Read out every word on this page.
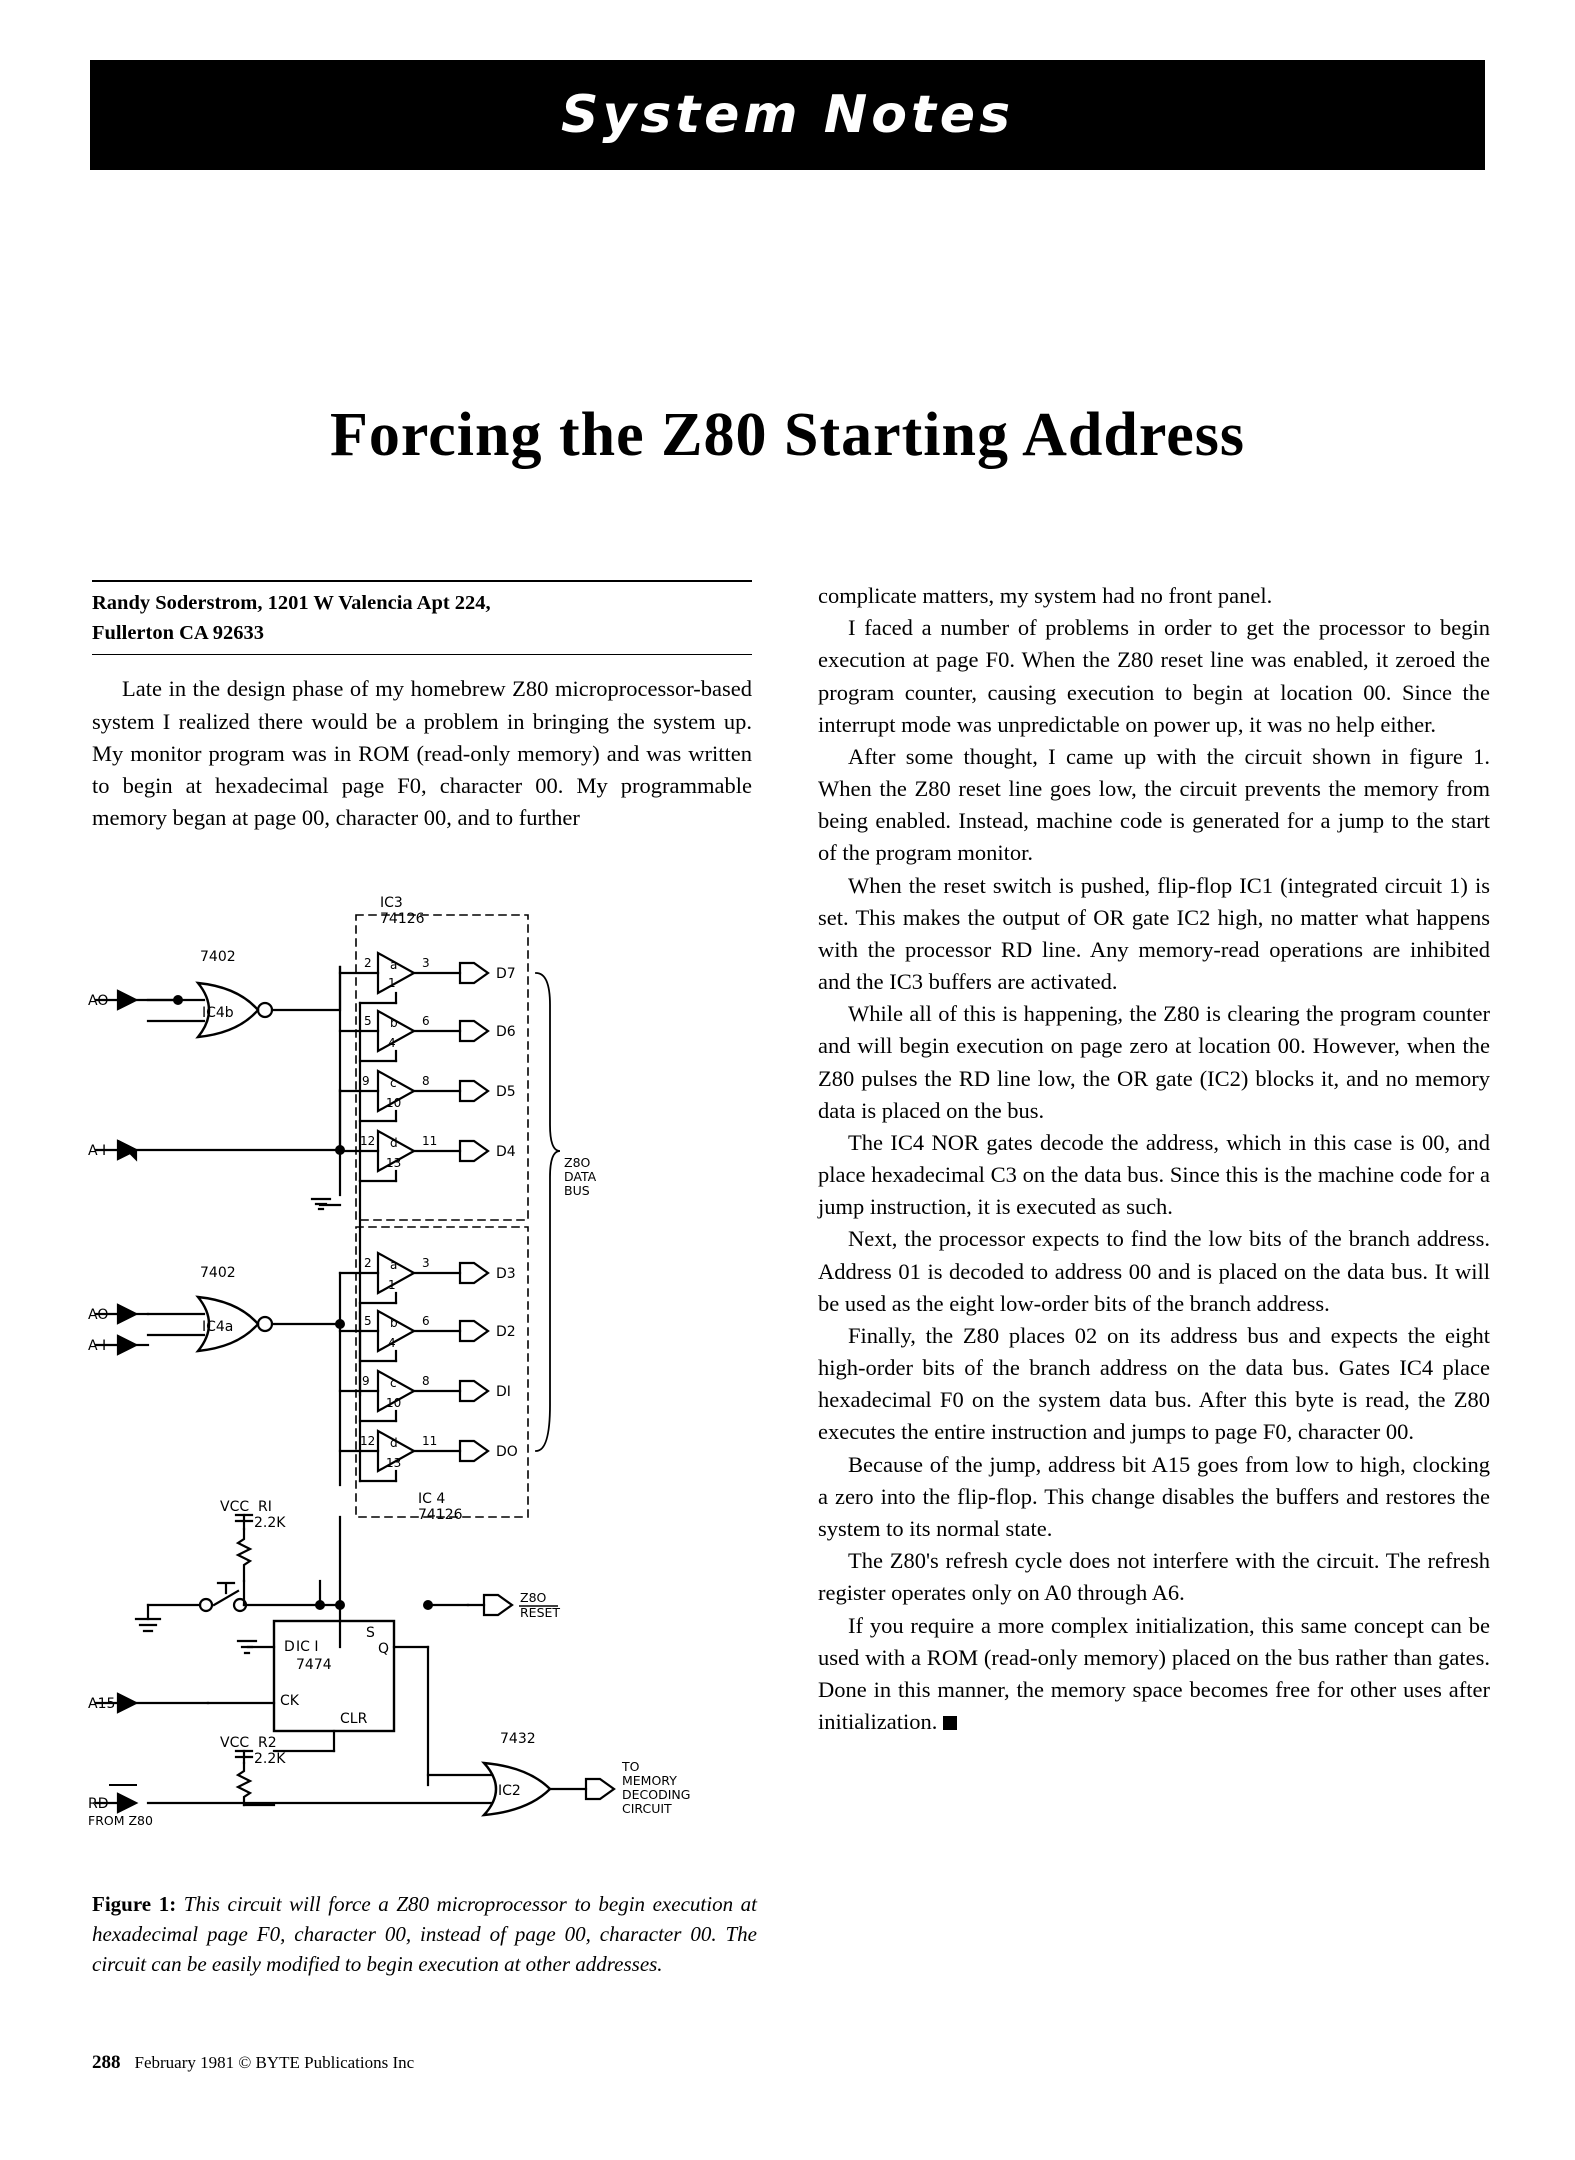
System Notes
Forcing the Z80 Starting Address
Randy Soderstrom, 1201 W Valencia Apt 224,
Fullerton CA 92633

Late in the design phase of my homebrew Z80 microprocessor-based system I realized there would be a problem in bringing the system up. My monitor program was in ROM (read-only memory) and was written to begin at hexadecimal page F0, character 00. My programmable memory began at page 00, character 00, and to further

complicate matters, my system had no front panel.

I faced a number of problems in order to get the processor to begin execution at page F0. When the Z80 reset line was enabled, it zeroed the program counter, causing execution to begin at location 00. Since the interrupt mode was unpredictable on power up, it was no help either.

After some thought, I came up with the circuit shown in figure 1. When the Z80 reset line goes low, the circuit prevents the memory from being enabled. Instead, machine code is generated for a jump to the start of the program monitor.

When the reset switch is pushed, flip-flop IC1 (integrated circuit 1) is set. This makes the output of OR gate IC2 high, no matter what happens with the processor RD line. Any memory-read operations are inhibited and the IC3 buffers are activated.

While all of this is happening, the Z80 is clearing the program counter and will begin execution on page zero at location 00. However, when the Z80 pulses the RD line low, the OR gate (IC2) blocks it, and no memory data is placed on the bus.

The IC4 NOR gates decode the address, which in this case is 00, and place hexadecimal C3 on the data bus. Since this is the machine code for a jump instruction, it is executed as such.

Next, the processor expects to find the low bits of the branch address. Address 01 is decoded to address 00 and is placed on the data bus. It will be used as the eight low-order bits of the branch address.

Finally, the Z80 places 02 on its address bus and expects the eight high-order bits of the branch address on the data bus. Gates IC4 place hexadecimal F0 on the system data bus. After this byte is read, the Z80 executes the entire instruction and jumps to page F0, character 00.

Because of the jump, address bit A15 goes from low to high, clocking a zero into the flip-flop. This change disables the buffers and restores the system to its normal state.

The Z80's refresh cycle does not interfere with the circuit. The refresh register operates only on A0 through A6.

If you require a more complex initialization, this same concept can be used with a ROM (read-only memory) placed on the bus rather than gates. Done in this manner, the memory space becomes free for other uses after initialization.

IC3
74126
IC 4
74126
7402
IC4b
7402
IC4a
7432
IC2
D
S
Q
IC I
7474
CK
CLR
VCC RI
2.2K
VCC R2
2.2K
AO
A I
AO
A I
A15
RD
FROM Z80
D7
D6
D5
D4
D3
D2
DI
DO
Z8O
DATA
BUS
Z8O
RESET
TO
MEMORY
DECODING
CIRCUIT
a
b
c
d
a
b
c
d
2	3
1
5	6
4
9	8
10
12	11
13
2	3
1
5	6
4
9	8
10
12	11
13
Figure 1: This circuit will force a Z80 microprocessor to begin execution at hexadecimal page F0, character 00, instead of page 00, character 00. The circuit can be easily modified to begin execution at other addresses.
288 February 1981 © BYTE Publications Inc
